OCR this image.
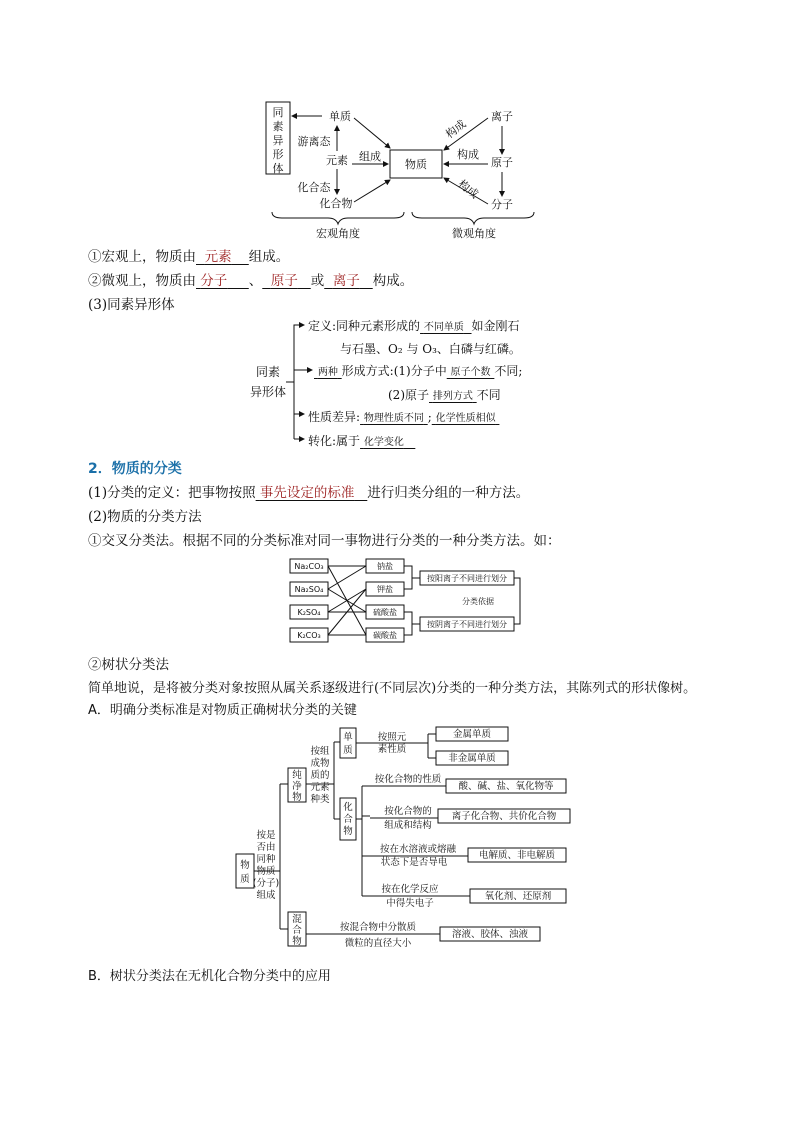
同素异形体	物质
单质
游离态
元素 组成
化合态
化合物
离子
原子
分子
构成
构成
构成
宏观角度	微观角度
①宏观上，物质由 元素 组成。
②微观上，物质由 分子 、 原子 或 离子 构成。
(3)同素异形体
同素
异形体
定义:同种元素形成的 不同单质 如金刚石
与石墨、O₂ 与 O₃、白磷与红磷。
两种 形成方式:(1)分子中 原子个数 不同;
(2)原子 排列方式 不同
性质差异: 物理性质不同 ; 化学性质相似
转化:属于 化学变化
2．物质的分类
(1)分类的定义：把事物按照 事先设定的标准 进行归类分组的一种方法。
(2)物质的分类方法
①交叉分类法。根据不同的分类标准对同一事物进行分类的一种分类方法。如：
Na₂CO₃
Na₂SO₄
K₂SO₄
K₂CO₃
钠盐
钾盐
硫酸盐
碳酸盐
按阳离子不同进行划分
按阴离子不同进行划分
分类依据
②树状分类法
简单地说，是将被分类对象按照从属关系逐级进行(不同层次)分类的一种分类方法，其陈列式的形状像树。
A．明确分类标准是对物质正确树状分类的关键
物
质
按是
否由
同种
物质
(分子)
组成
纯
净
物
混
合
物
按组
成物
质的
元素
种类
单
质
按照元
素性质
金属单质
非金属单质
化
合
物
按化合物的性质
酸、碱、盐、氧化物等
按化合物的
组成和结构
离子化合物、共价化合物
按在水溶液或熔融
状态下是否导电
电解质、非电解质
按在化学反应
中得失电子
氧化剂、还原剂
按混合物中分散质
微粒的直径大小
溶液、胶体、浊液
B．树状分类法在无机化合物分类中的应用
